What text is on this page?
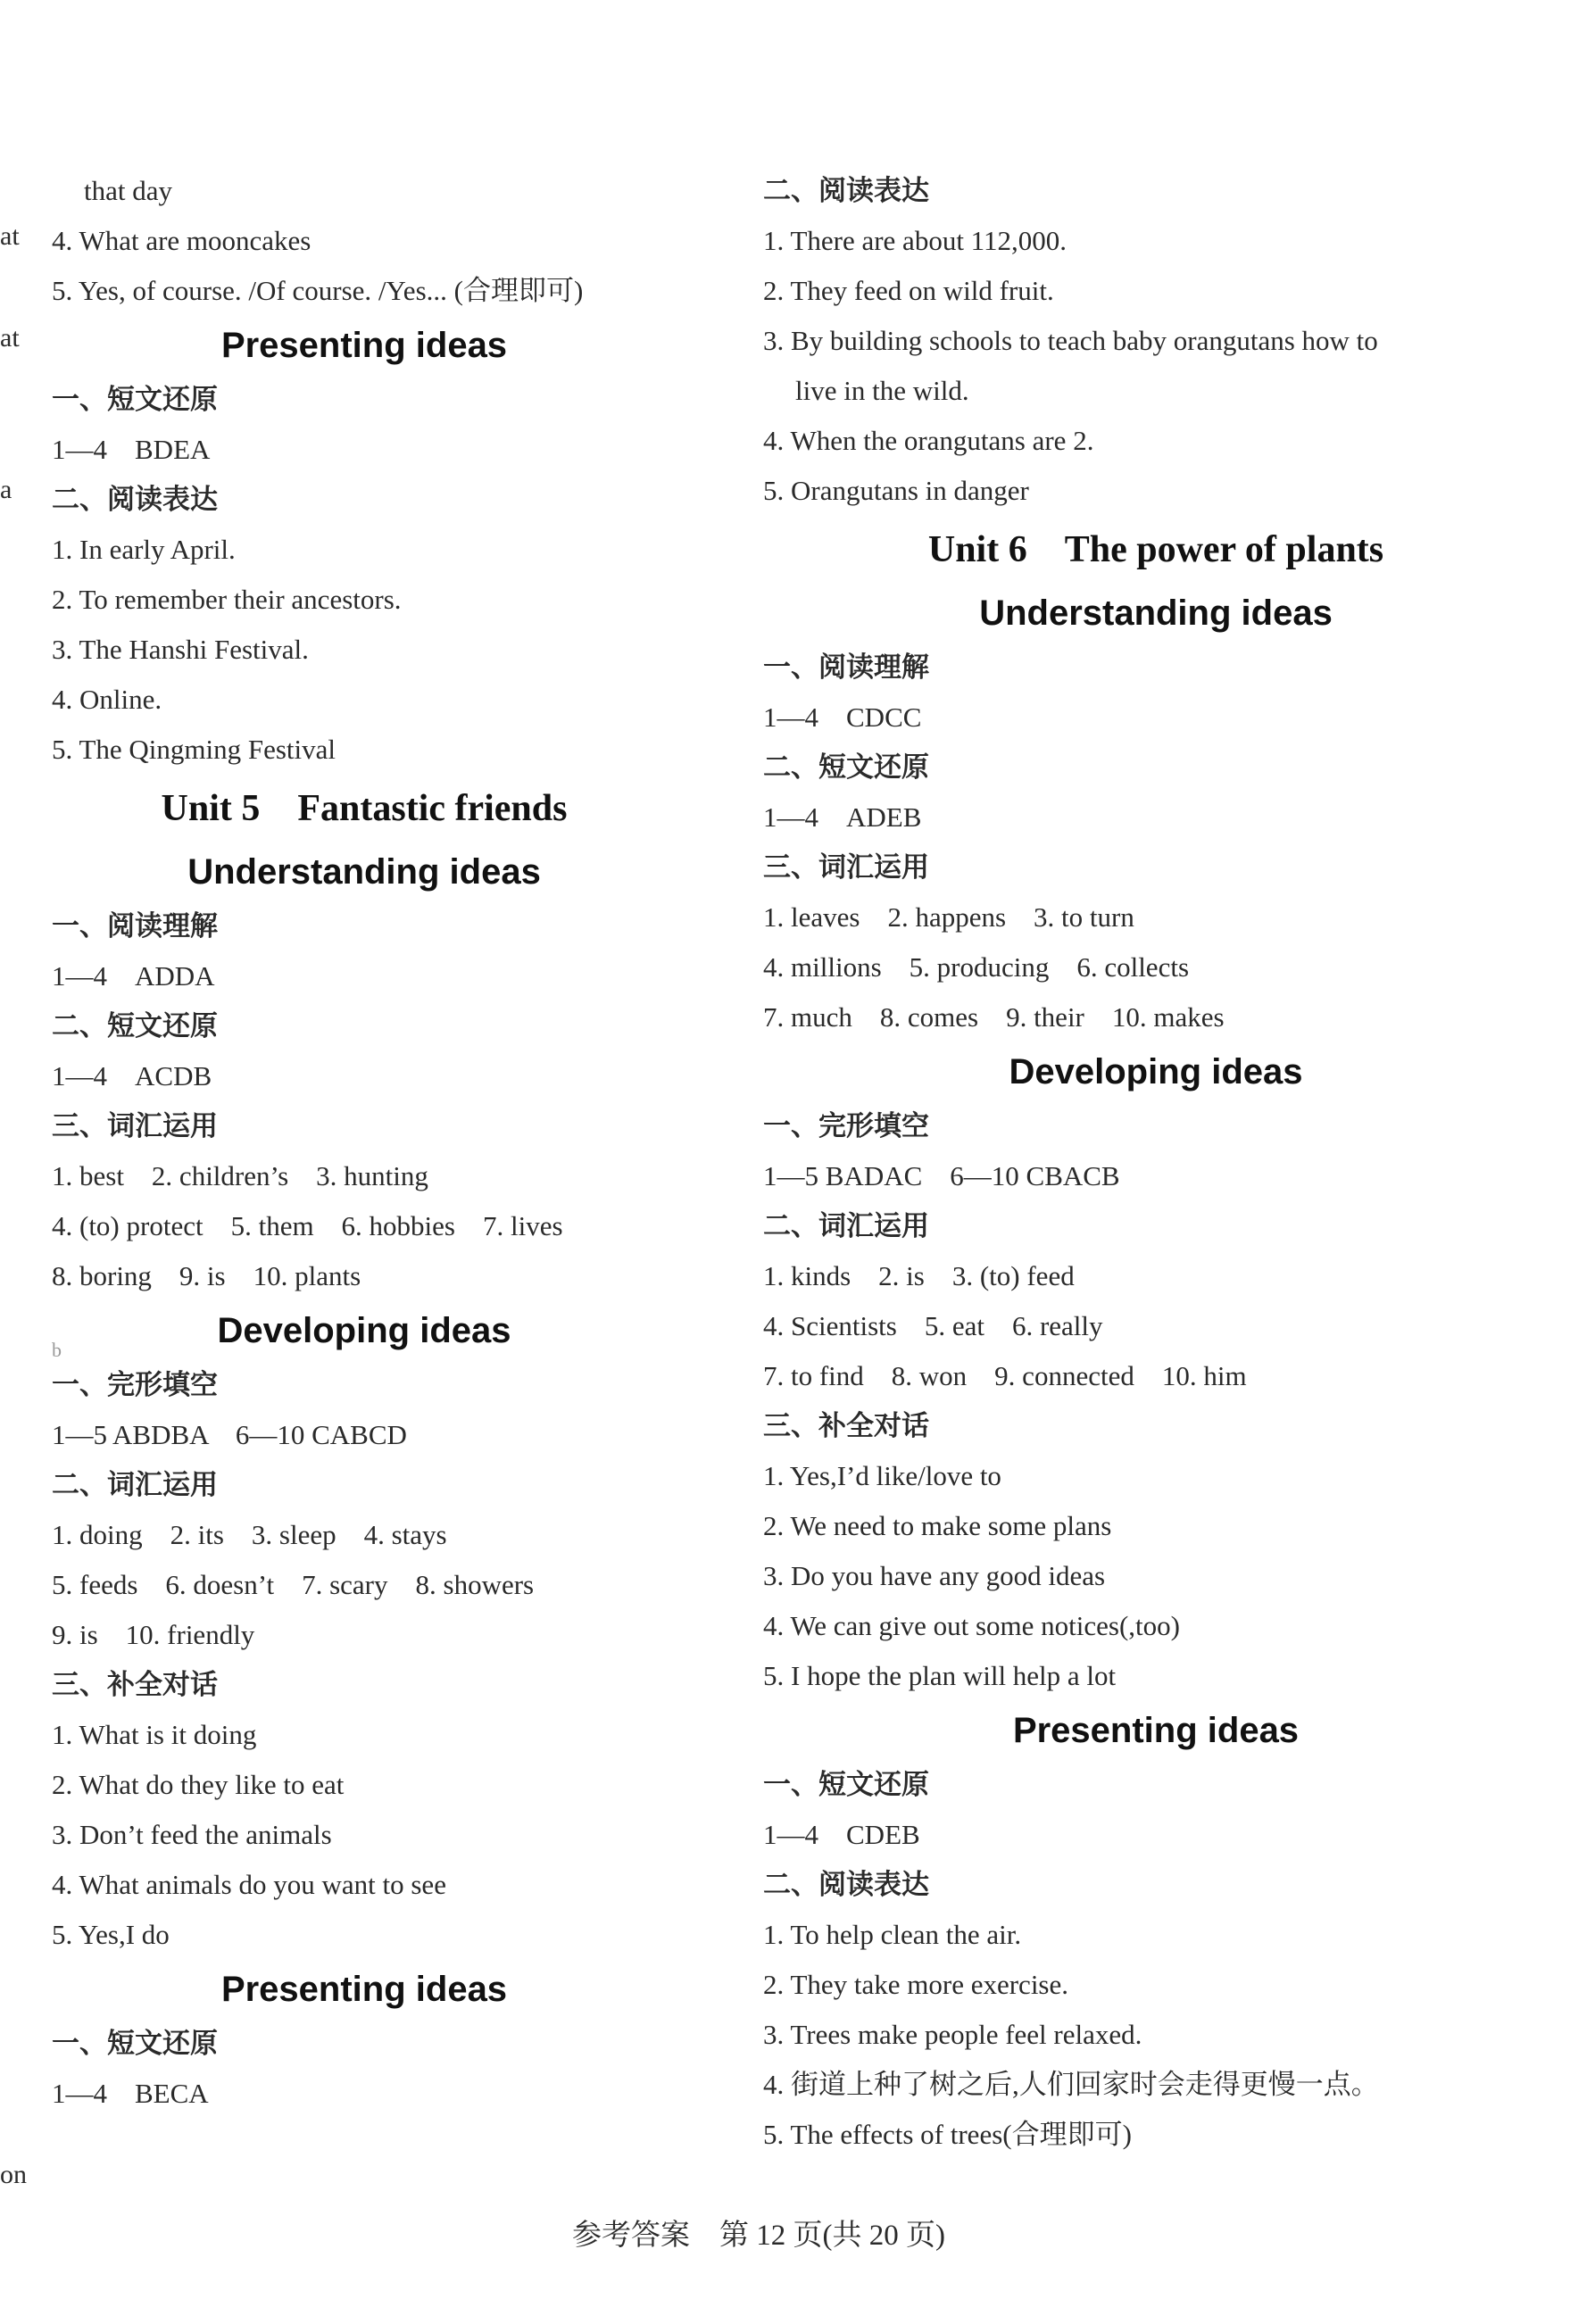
at
at
a
b
on
that day
4. What are mooncakes
5. Yes, of course. /Of course. /Yes... (合理即可)
Presenting ideas
一、短文还原
1—4　BDEA
二、阅读表达
1. In early April.
2. To remember their ancestors.
3. The Hanshi Festival.
4. Online.
5. The Qingming Festival
Unit 5　Fantastic friends
Understanding ideas
一、阅读理解
1—4　ADDA
二、短文还原
1—4　ACDB
三、词汇运用
1. best　2. children’s　3. hunting
4. (to) protect　5. them　6. hobbies　7. lives
8. boring　9. is　10. plants
Developing ideas
一、完形填空
1—5 ABDBA　6—10 CABCD
二、词汇运用
1. doing　2. its　3. sleep　4. stays
5. feeds　6. doesn’t　7. scary　8. showers
9. is　10. friendly
三、补全对话
1. What is it doing
2. What do they like to eat
3. Don’t feed the animals
4. What animals do you want to see
5. Yes,I do
Presenting ideas
一、短文还原
1—4　BECA
二、阅读表达
1. There are about 112,000.
2. They feed on wild fruit.
3. By building schools to teach baby orangutans how to
live in the wild.
4. When the orangutans are 2.
5. Orangutans in danger
Unit 6　The power of plants
Understanding ideas
一、阅读理解
1—4　CDCC
二、短文还原
1—4　ADEB
三、词汇运用
1. leaves　2. happens　3. to turn
4. millions　5. producing　6. collects
7. much　8. comes　9. their　10. makes
Developing ideas
一、完形填空
1—5 BADAC　6—10 CBACB
二、词汇运用
1. kinds　2. is　3. (to) feed
4. Scientists　5. eat　6. really
7. to find　8. won　9. connected　10. him
三、补全对话
1. Yes,I’d like/love to
2. We need to make some plans
3. Do you have any good ideas
4. We can give out some notices(,too)
5. I hope the plan will help a lot
Presenting ideas
一、短文还原
1—4　CDEB
二、阅读表达
1. To help clean the air.
2. They take more exercise.
3. Trees make people feel relaxed.
4. 街道上种了树之后,人们回家时会走得更慢一点。
5. The effects of trees(合理即可)
参考答案　第 12 页(共 20 页)
